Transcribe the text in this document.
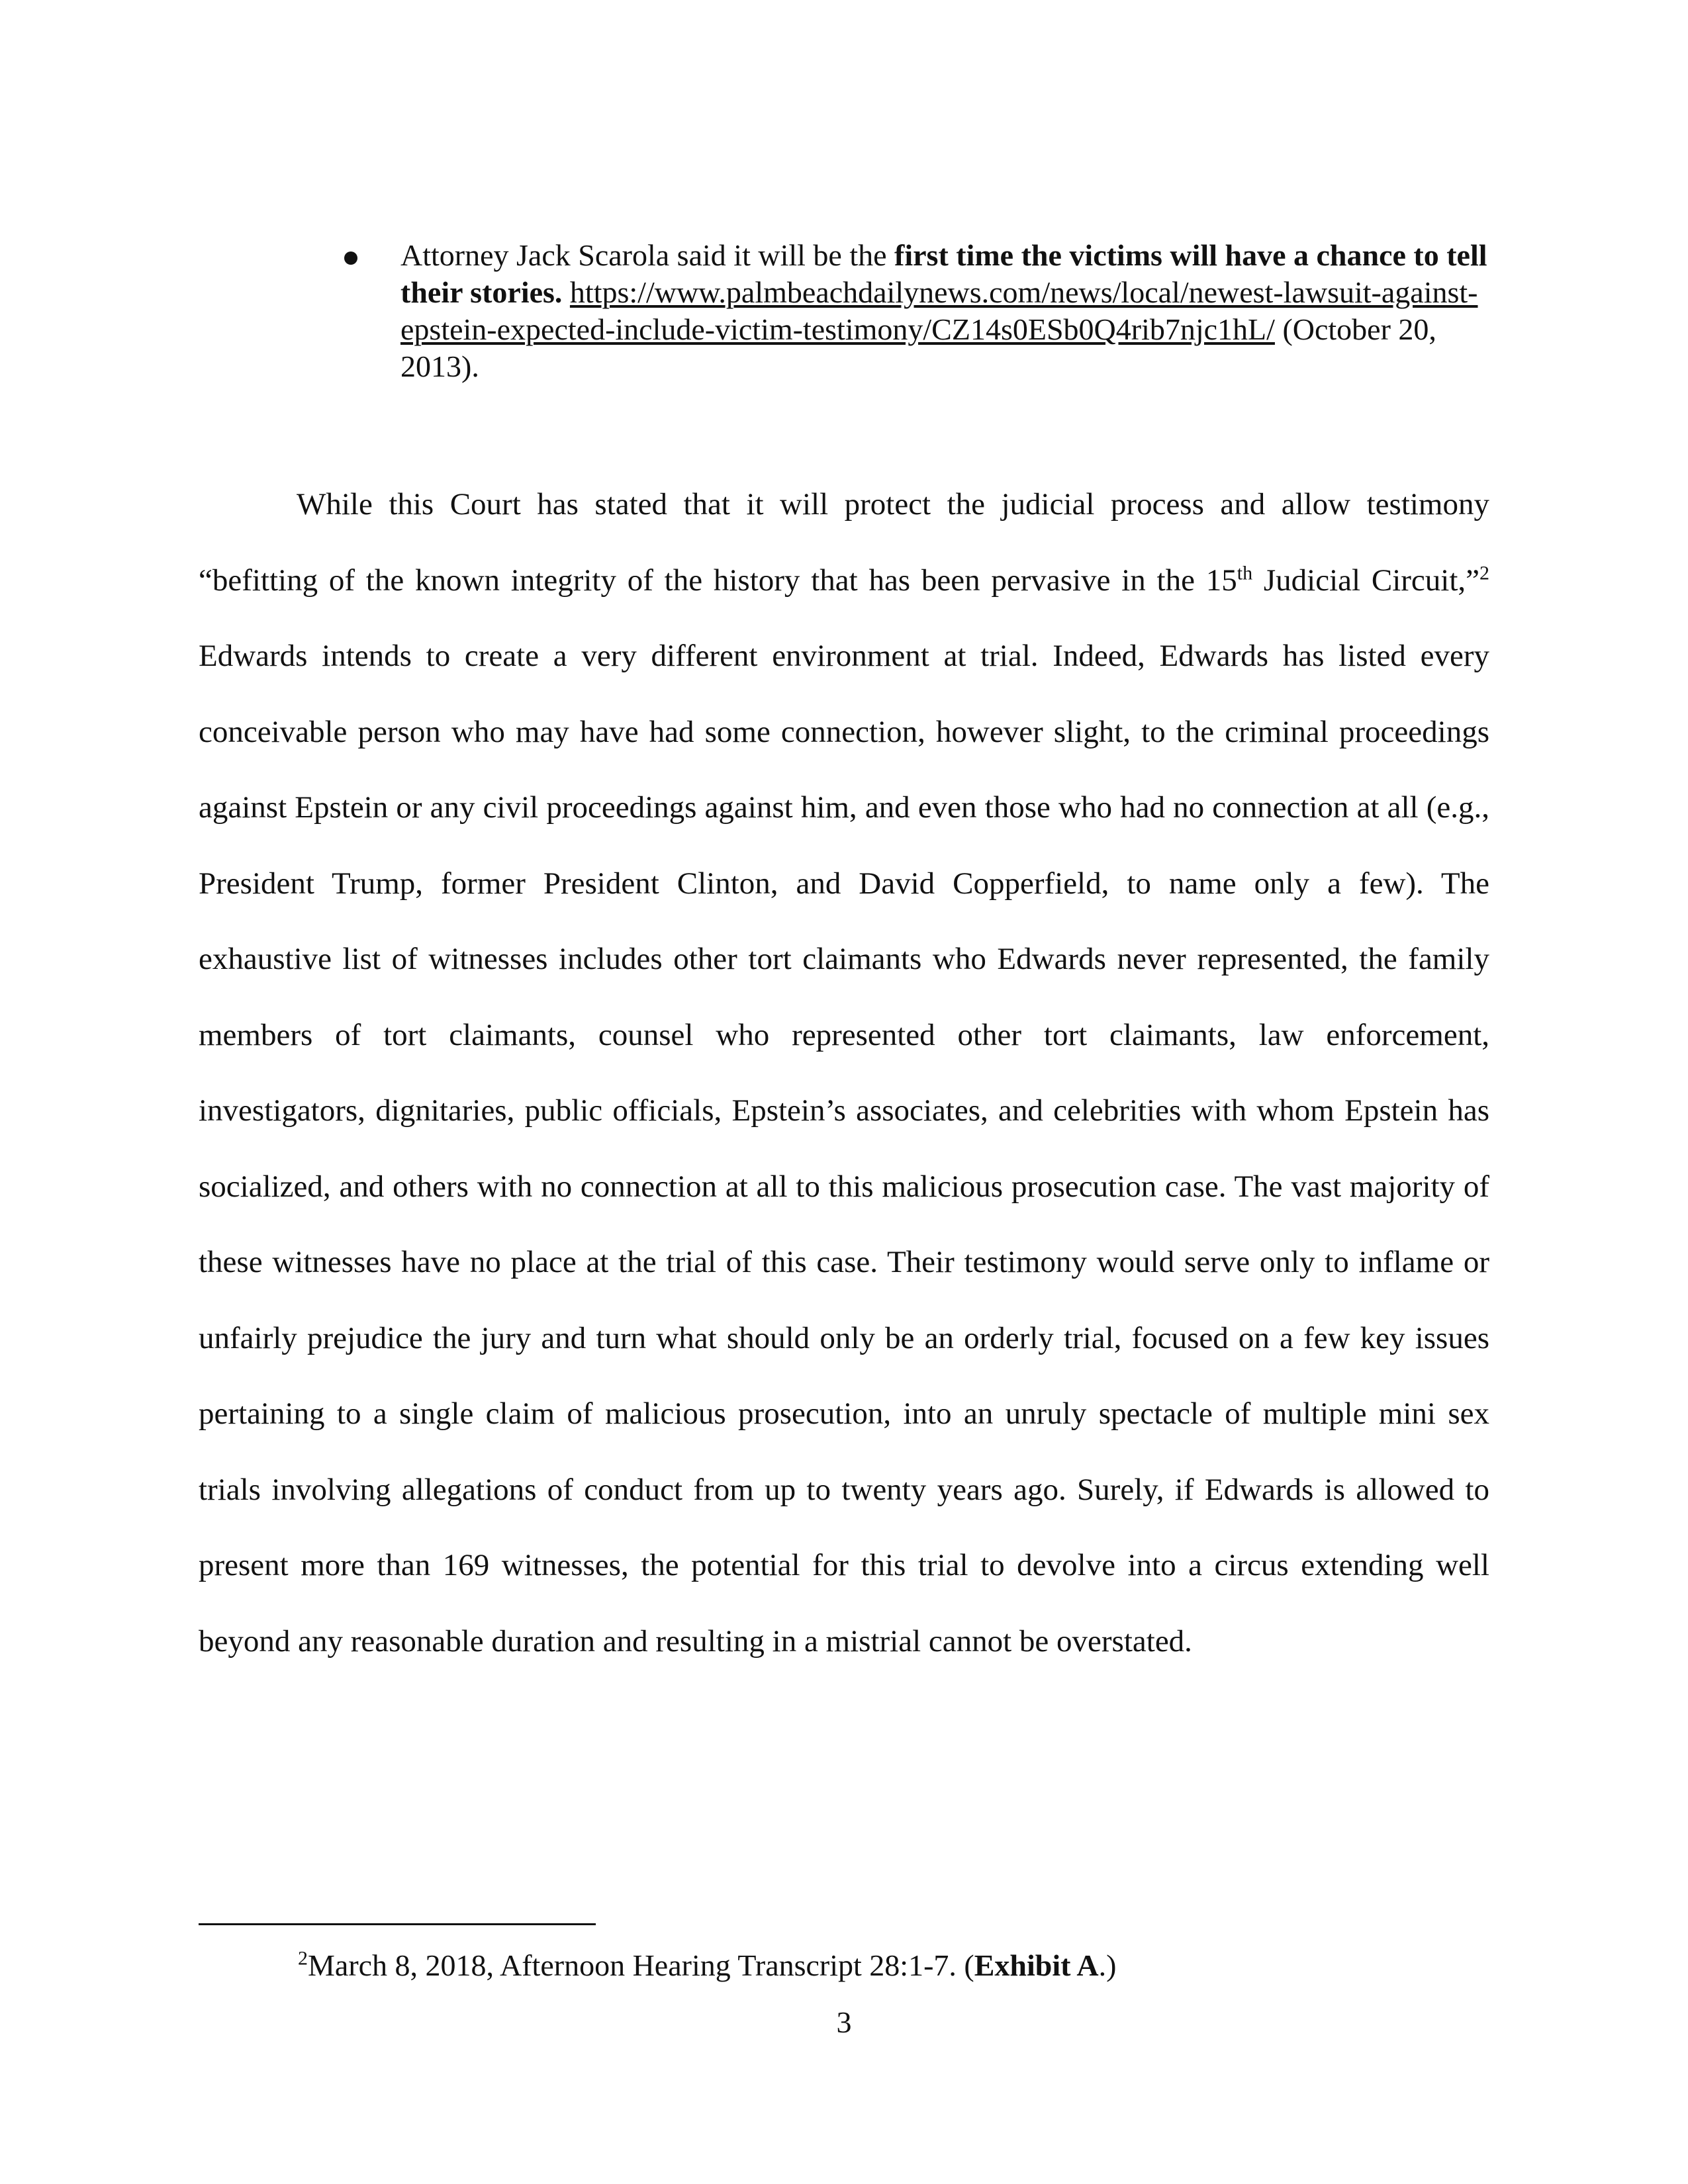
Attorney Jack Scarola said it will be the first time the victims will have a chance to tell their stories. https://www.palmbeachdailynews.com/news/local/newest-lawsuit-against-epstein-expected-include-victim-testimony/CZ14s0ESb0Q4rib7njc1hL/ (October 20, 2013).

While this Court has stated that it will protect the judicial process and allow testimony “befitting of the known integrity of the history that has been pervasive in the 15th Judicial Circuit,”$^2$ Edwards intends to create a very different environment at trial. Indeed, Edwards has listed every conceivable person who may have had some connection, however slight, to the criminal proceedings against Epstein or any civil proceedings against him, and even those who had no connection at all (e.g., President Trump, former President Clinton, and David Copperfield, to name only a few). The exhaustive list of witnesses includes other tort claimants who Edwards never represented, the family members of tort claimants, counsel who represented other tort claimants, law enforcement, investigators, dignitaries, public officials, Epstein’s associates, and celebrities with whom Epstein has socialized, and others with no connection at all to this malicious prosecution case. The vast majority of these witnesses have no place at the trial of this case. Their testimony would serve only to inflame or unfairly prejudice the jury and turn what should only be an orderly trial, focused on a few key issues pertaining to a single claim of malicious prosecution, into an unruly spectacle of multiple mini sex trials involving allegations of conduct from up to twenty years ago. Surely, if Edwards is allowed to present more than 169 witnesses, the potential for this trial to devolve into a circus extending well beyond any reasonable duration and resulting in a mistrial cannot be overstated.

$^2$March 8, 2018, Afternoon Hearing Transcript 28:1-7. (Exhibit A.)

3
